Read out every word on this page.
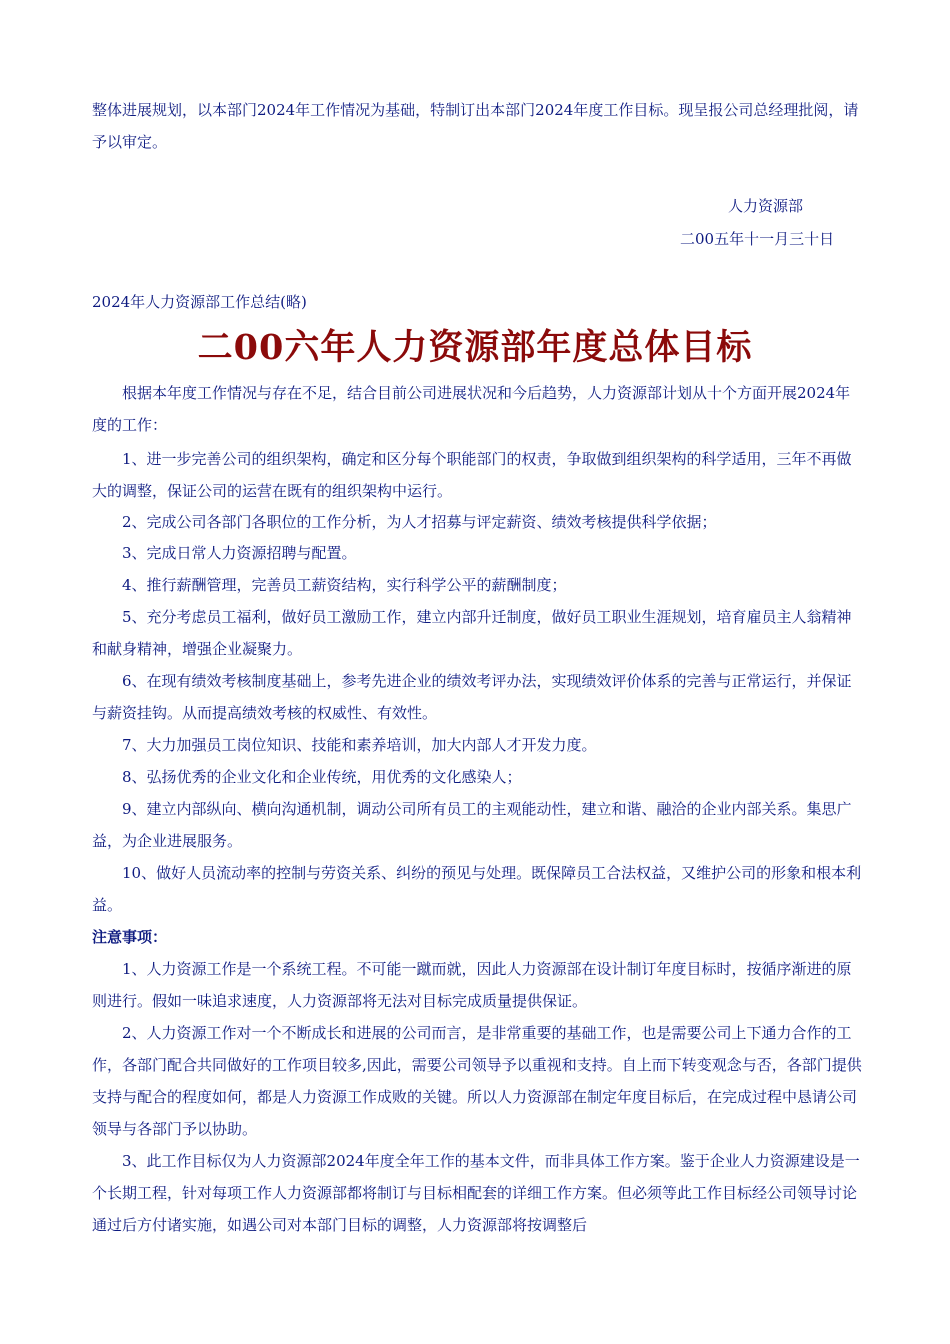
整体进展规划，以本部门2024年工作情况为基础，特制订出本部门2024年度工作目标。现呈报公司总经理批阅，请予以审定。

人力资源部

二00五年十一月三十日

2024年人力资源部工作总结(略)

二00六年人力资源部年度总体目标

根据本年度工作情况与存在不足，结合目前公司进展状况和今后趋势，人力资源部计划从十个方面开展2024年度的工作：

1、进一步完善公司的组织架构，确定和区分每个职能部门的权责，争取做到组织架构的科学适用，三年不再做大的调整，保证公司的运营在既有的组织架构中运行。

2、完成公司各部门各职位的工作分析，为人才招募与评定薪资、绩效考核提供科学依据；

3、完成日常人力资源招聘与配置。

4、推行薪酬管理，完善员工薪资结构，实行科学公平的薪酬制度；

5、充分考虑员工福利，做好员工激励工作，建立内部升迁制度，做好员工职业生涯规划，培育雇员主人翁精神和献身精神，增强企业凝聚力。

6、在现有绩效考核制度基础上，参考先进企业的绩效考评办法，实现绩效评价体系的完善与正常运行，并保证与薪资挂钩。从而提高绩效考核的权威性、有效性。

7、大力加强员工岗位知识、技能和素养培训，加大内部人才开发力度。

8、弘扬优秀的企业文化和企业传统，用优秀的文化感染人；

9、建立内部纵向、横向沟通机制，调动公司所有员工的主观能动性，建立和谐、融洽的企业内部关系。集思广益，为企业进展服务。

10、做好人员流动率的控制与劳资关系、纠纷的预见与处理。既保障员工合法权益，又维护公司的形象和根本利益。

注意事项：

1、人力资源工作是一个系统工程。不可能一蹴而就，因此人力资源部在设计制订年度目标时，按循序渐进的原则进行。假如一味追求速度，人力资源部将无法对目标完成质量提供保证。

2、人力资源工作对一个不断成长和进展的公司而言，是非常重要的基础工作，也是需要公司上下通力合作的工作，各部门配合共同做好的工作项目较多,因此，需要公司领导予以重视和支持。自上而下转变观念与否，各部门提供支持与配合的程度如何，都是人力资源工作成败的关键。所以人力资源部在制定年度目标后，在完成过程中恳请公司领导与各部门予以协助。

3、此工作目标仅为人力资源部2024年度全年工作的基本文件，而非具体工作方案。鉴于企业人力资源建设是一个长期工程，针对每项工作人力资源部都将制订与目标相配套的详细工作方案。但必须等此工作目标经公司领导讨论通过后方付诸实施，如遇公司对本部门目标的调整，人力资源部将按调整后
